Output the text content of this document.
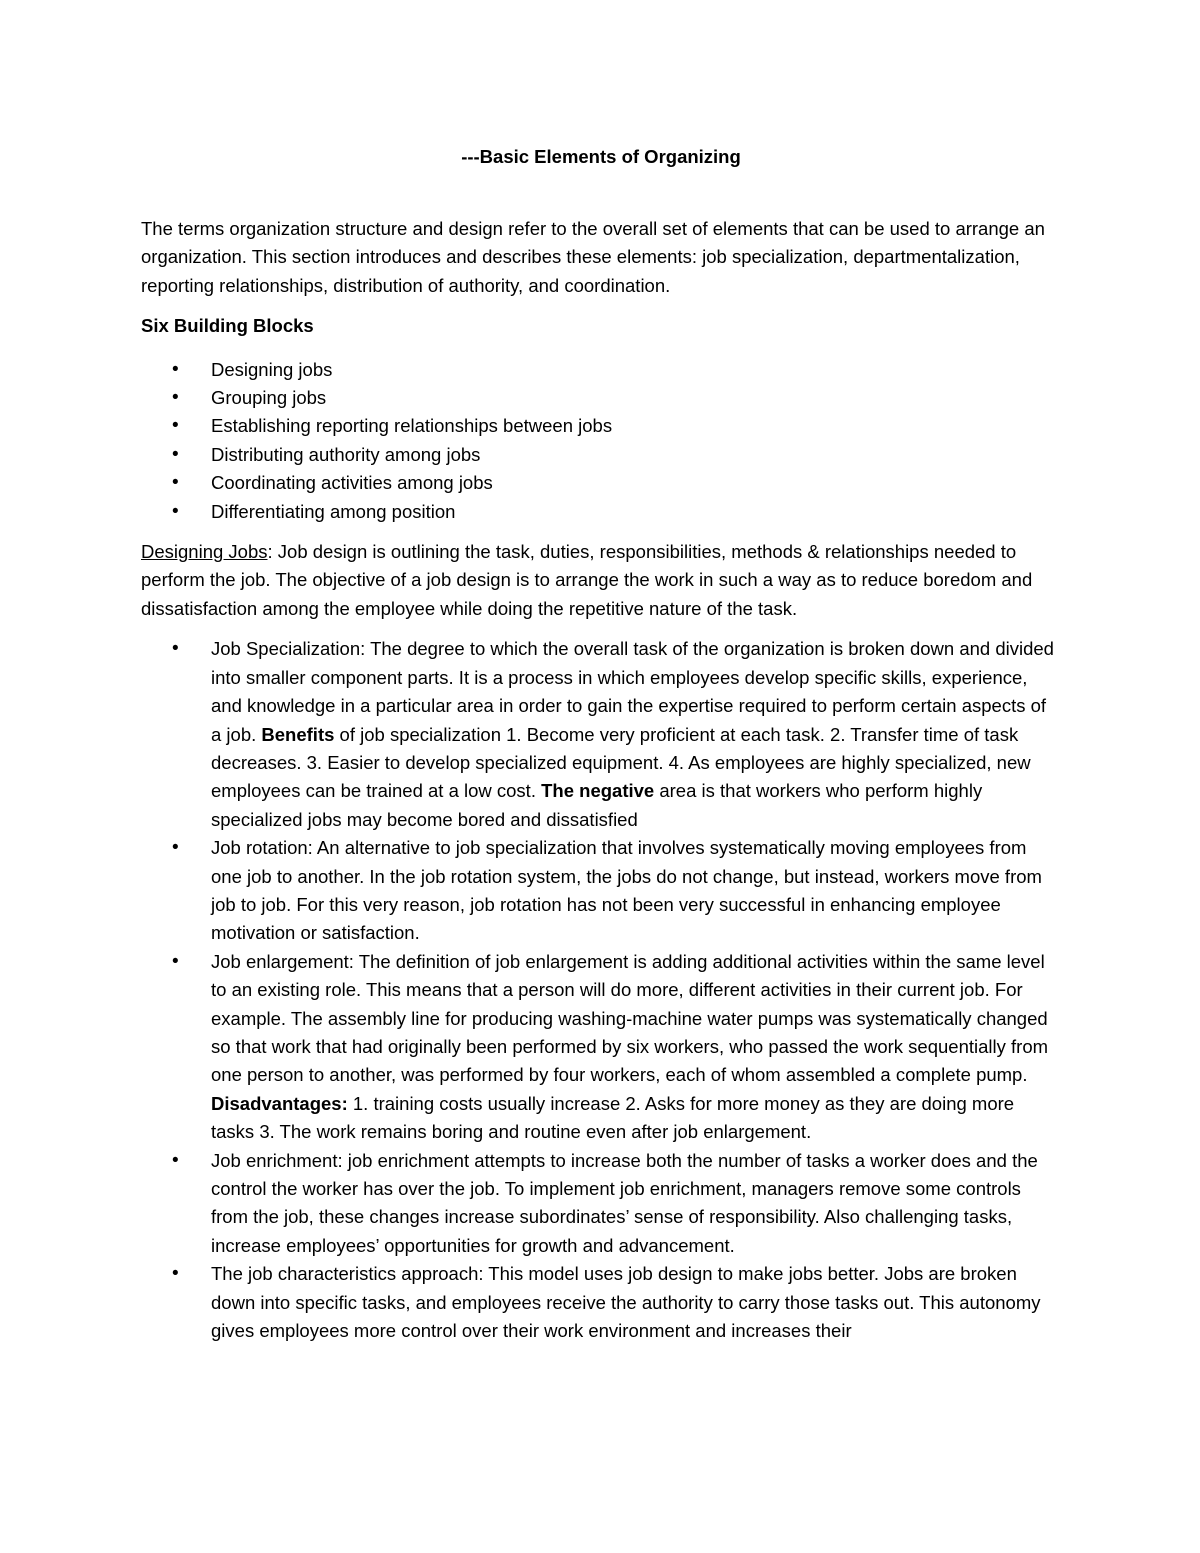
---Basic Elements of Organizing

The terms organization structure and design refer to the overall set of elements that can be used to arrange an organization. This section introduces and describes these elements: job specialization, departmentalization, reporting relationships, distribution of authority, and coordination.

Six Building Blocks
• Designing jobs
• Grouping jobs
• Establishing reporting relationships between jobs
• Distributing authority among jobs
• Coordinating activities among jobs
• Differentiating among position

Designing Jobs: Job design is outlining the task, duties, responsibilities, methods & relationships needed to perform the job. The objective of a job design is to arrange the work in such a way as to reduce boredom and dissatisfaction among the employee while doing the repetitive nature of the task.

• Job Specialization: The degree to which the overall task of the organization is broken down and divided into smaller component parts. It is a process in which employees develop specific skills, experience, and knowledge in a particular area in order to gain the expertise required to perform certain aspects of a job. Benefits of job specialization 1. Become very proficient at each task. 2. Transfer time of task decreases. 3. Easier to develop specialized equipment. 4. As employees are highly specialized, new employees can be trained at a low cost. The negative area is that workers who perform highly specialized jobs may become bored and dissatisfied
• Job rotation: An alternative to job specialization that involves systematically moving employees from one job to another. In the job rotation system, the jobs do not change, but instead, workers move from job to job. For this very reason, job rotation has not been very successful in enhancing employee motivation or satisfaction.
• Job enlargement: The definition of job enlargement is adding additional activities within the same level to an existing role. This means that a person will do more, different activities in their current job. For example. The assembly line for producing washing-machine water pumps was systematically changed so that work that had originally been performed by six workers, who passed the work sequentially from one person to another, was performed by four workers, each of whom assembled a complete pump. Disadvantages: 1. training costs usually increase 2. Asks for more money as they are doing more tasks 3. The work remains boring and routine even after job enlargement.
• Job enrichment: job enrichment attempts to increase both the number of tasks a worker does and the control the worker has over the job. To implement job enrichment, managers remove some controls from the job, these changes increase subordinates’ sense of responsibility. Also challenging tasks, increase employees’ opportunities for growth and advancement.
• The job characteristics approach: This model uses job design to make jobs better. Jobs are broken down into specific tasks, and employees receive the authority to carry those tasks out. This autonomy gives employees more control over their work environment and increases their
